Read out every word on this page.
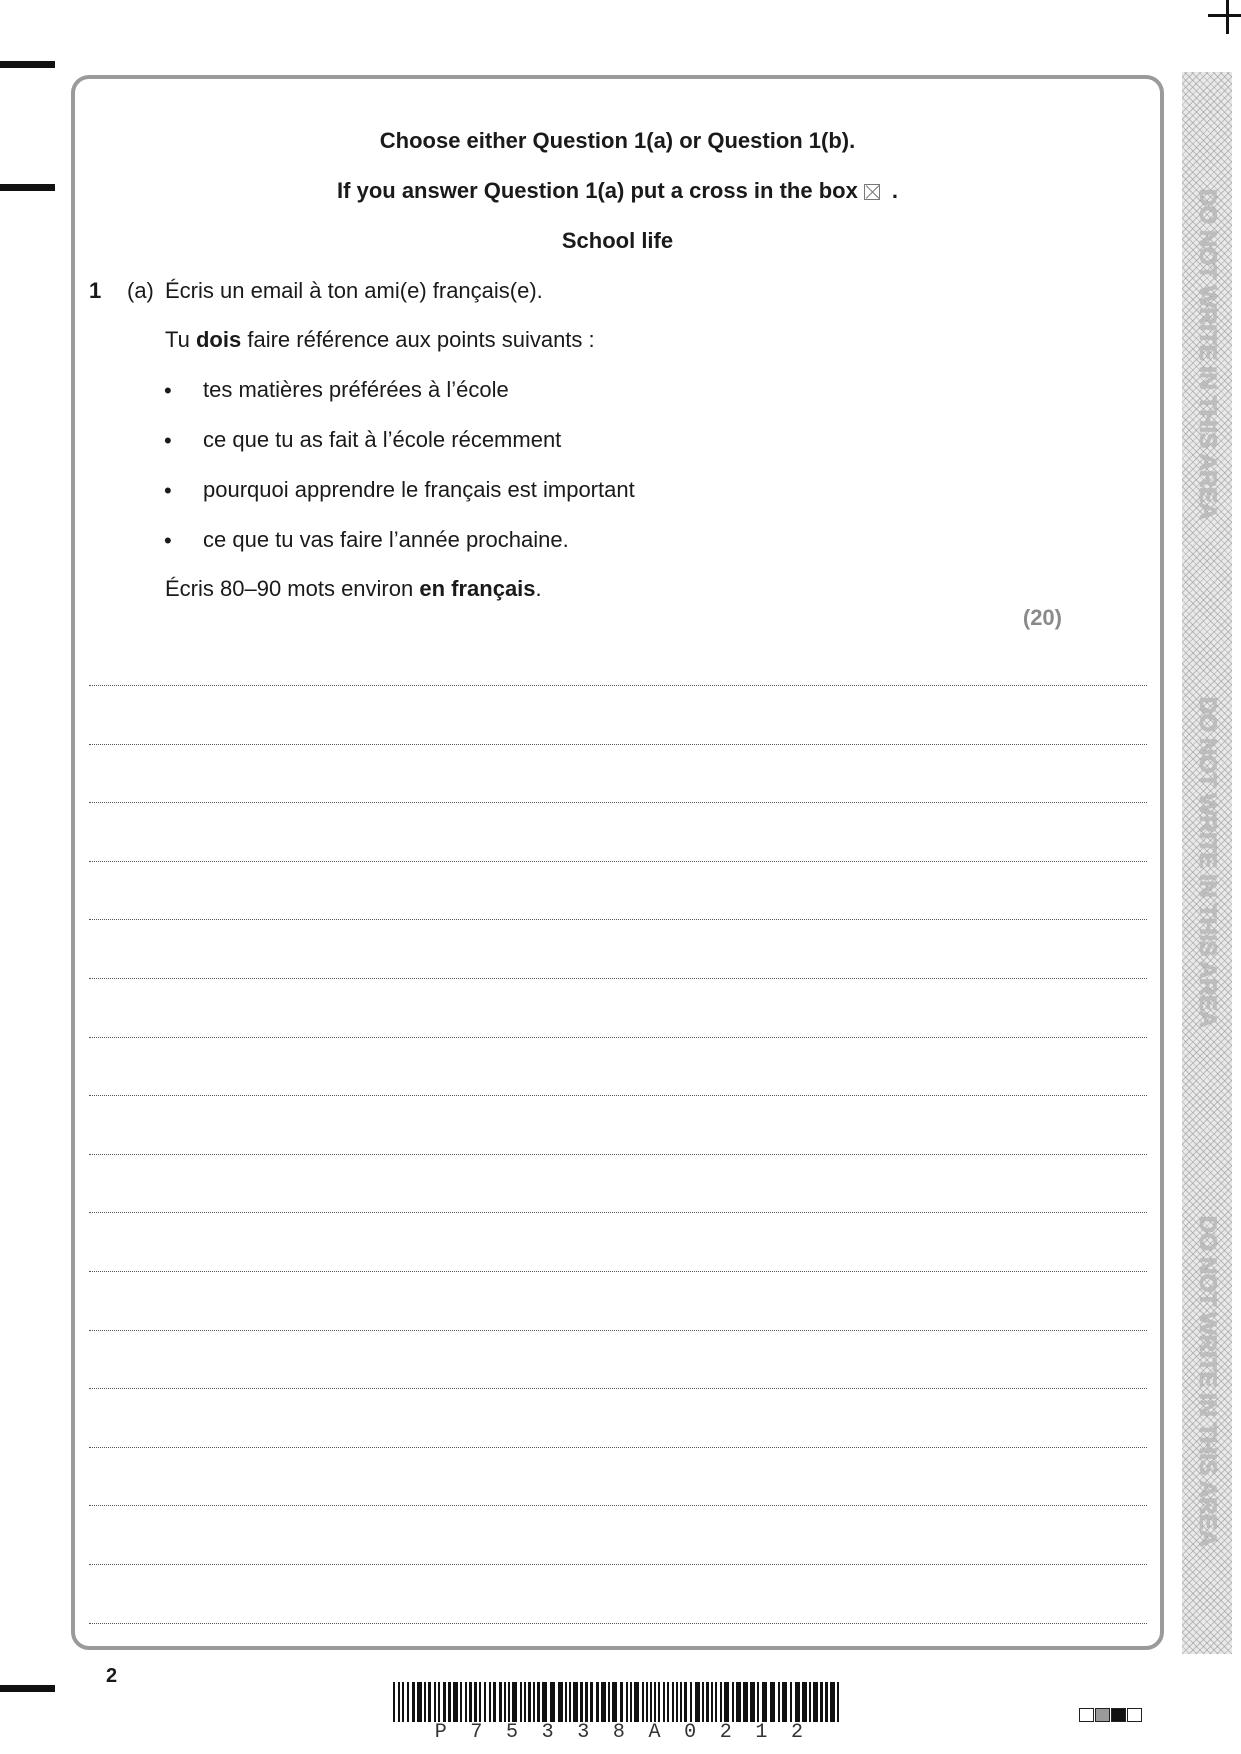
DO NOT WRITE IN THIS AREA
DO NOT WRITE IN THIS AREA
DO NOT WRITE IN THIS AREA
Choose either Question 1(a) or Question 1(b).
If you answer Question 1(a) put a cross in the box ☒ .
School life
1 (a) Écris un email à ton ami(e) français(e).
Tu dois faire référence aux points suivants :
• tes matières préférées à l’école
• ce que tu as fait à l’école récemment
• pourquoi apprendre le français est important
• ce que tu vas faire l’année prochaine.
Écris 80–90 mots environ en français.
(20)
2
P 7 5 3 3 8 A 0 2 1 2
